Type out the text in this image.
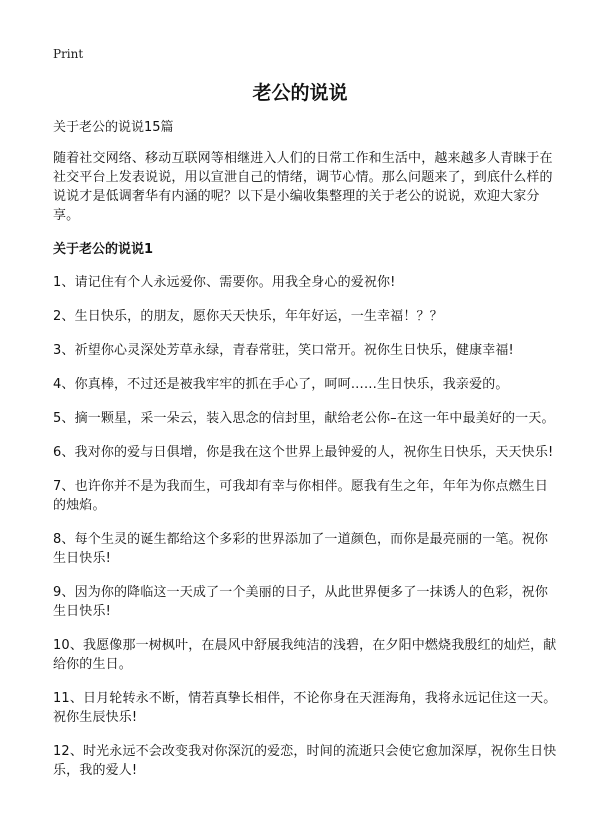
Print
老公的说说

关于老公的说说15篇

随着社交网络、移动互联网等相继进入人们的日常工作和生活中，越来越多人青睐于在社交平台上发表说说，用以宣泄自己的情绪，调节心情。那么问题来了，到底什么样的说说才是低调奢华有内涵的呢？以下是小编收集整理的关于老公的说说，欢迎大家分享。

关于老公的说说1
1、请记住有个人永远爱你、需要你。用我全身心的爱祝你!
2、生日快乐，的朋友，愿你天天快乐，年年好运，一生幸福！？？
3、祈望你心灵深处芳草永绿，青春常驻，笑口常开。祝你生日快乐，健康幸福!
4、你真棒，不过还是被我牢牢的抓在手心了，呵呵……生日快乐，我亲爱的。
5、摘一颗星，采一朵云，装入思念的信封里，献给老公你–在这一年中最美好的一天。
6、我对你的爱与日俱增，你是我在这个世界上最钟爱的人，祝你生日快乐，天天快乐!
7、也许你并不是为我而生，可我却有幸与你相伴。愿我有生之年，年年为你点燃生日的烛焰。
8、每个生灵的诞生都给这个多彩的世界添加了一道颜色，而你是最亮丽的一笔。祝你生日快乐!
9、因为你的降临这一天成了一个美丽的日子，从此世界便多了一抹诱人的色彩，祝你 生日快乐!
10、我愿像那一树枫叶，在晨风中舒展我纯洁的浅碧，在夕阳中燃烧我殷红的灿烂，献给你的生日。
11、日月轮转永不断，情若真挚长相伴，不论你身在天涯海角，我将永远记住这一天。祝你生辰快乐!
12、时光永远不会改变我对你深沉的爱恋，时间的流逝只会使它愈加深厚，祝你生日快乐，我的爱人!
